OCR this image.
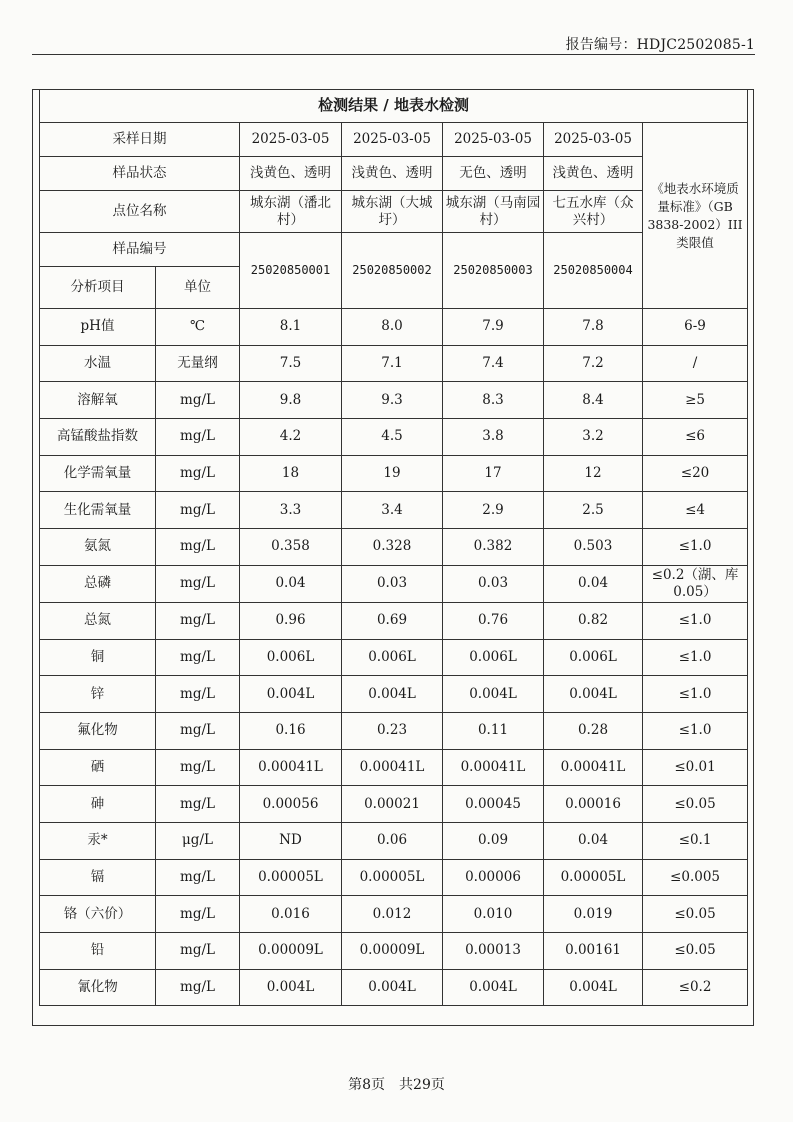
报告编号：HDJC2502085-1
检测结果 / 地表水检测						
采样日期		2025-03-05	2025-03-05	2025-03-05	2025-03-05	《地表水环境质量标准》（GB 3838-2002）III类限值
样品状态		浅黄色、透明	浅黄色、透明	无色、透明	浅黄色、透明	
点位名称		城东湖（潘北村）	城东湖（大城圩）	城东湖（马南园村）	七五水库（众兴村）	
样品编号		25020850001	25020850002	25020850003	25020850004	
分析项目	单位					
pH值	℃	8.1	8.0	7.9	7.8	6-9
水温	无量纲	7.5	7.1	7.4	7.2	/
溶解氧	mg/L	9.8	9.3	8.3	8.4	≥5
高锰酸盐指数	mg/L	4.2	4.5	3.8	3.2	≤6
化学需氧量	mg/L	18	19	17	12	≤20
生化需氧量	mg/L	3.3	3.4	2.9	2.5	≤4
氨氮	mg/L	0.358	0.328	0.382	0.503	≤1.0
总磷	mg/L	0.04	0.03	0.03	0.04	≤0.2（湖、库0.05）
总氮	mg/L	0.96	0.69	0.76	0.82	≤1.0
铜	mg/L	0.006L	0.006L	0.006L	0.006L	≤1.0
锌	mg/L	0.004L	0.004L	0.004L	0.004L	≤1.0
氟化物	mg/L	0.16	0.23	0.11	0.28	≤1.0
硒	mg/L	0.00041L	0.00041L	0.00041L	0.00041L	≤0.01
砷	mg/L	0.00056	0.00021	0.00045	0.00016	≤0.05
汞*	μg/L	ND	0.06	0.09	0.04	≤0.1
镉	mg/L	0.00005L	0.00005L	0.00006	0.00005L	≤0.005
铬（六价）	mg/L	0.016	0.012	0.010	0.019	≤0.05
铅	mg/L	0.00009L	0.00009L	0.00013	0.00161	≤0.05
氰化物	mg/L	0.004L	0.004L	0.004L	0.004L	≤0.2
第8页　共29页
